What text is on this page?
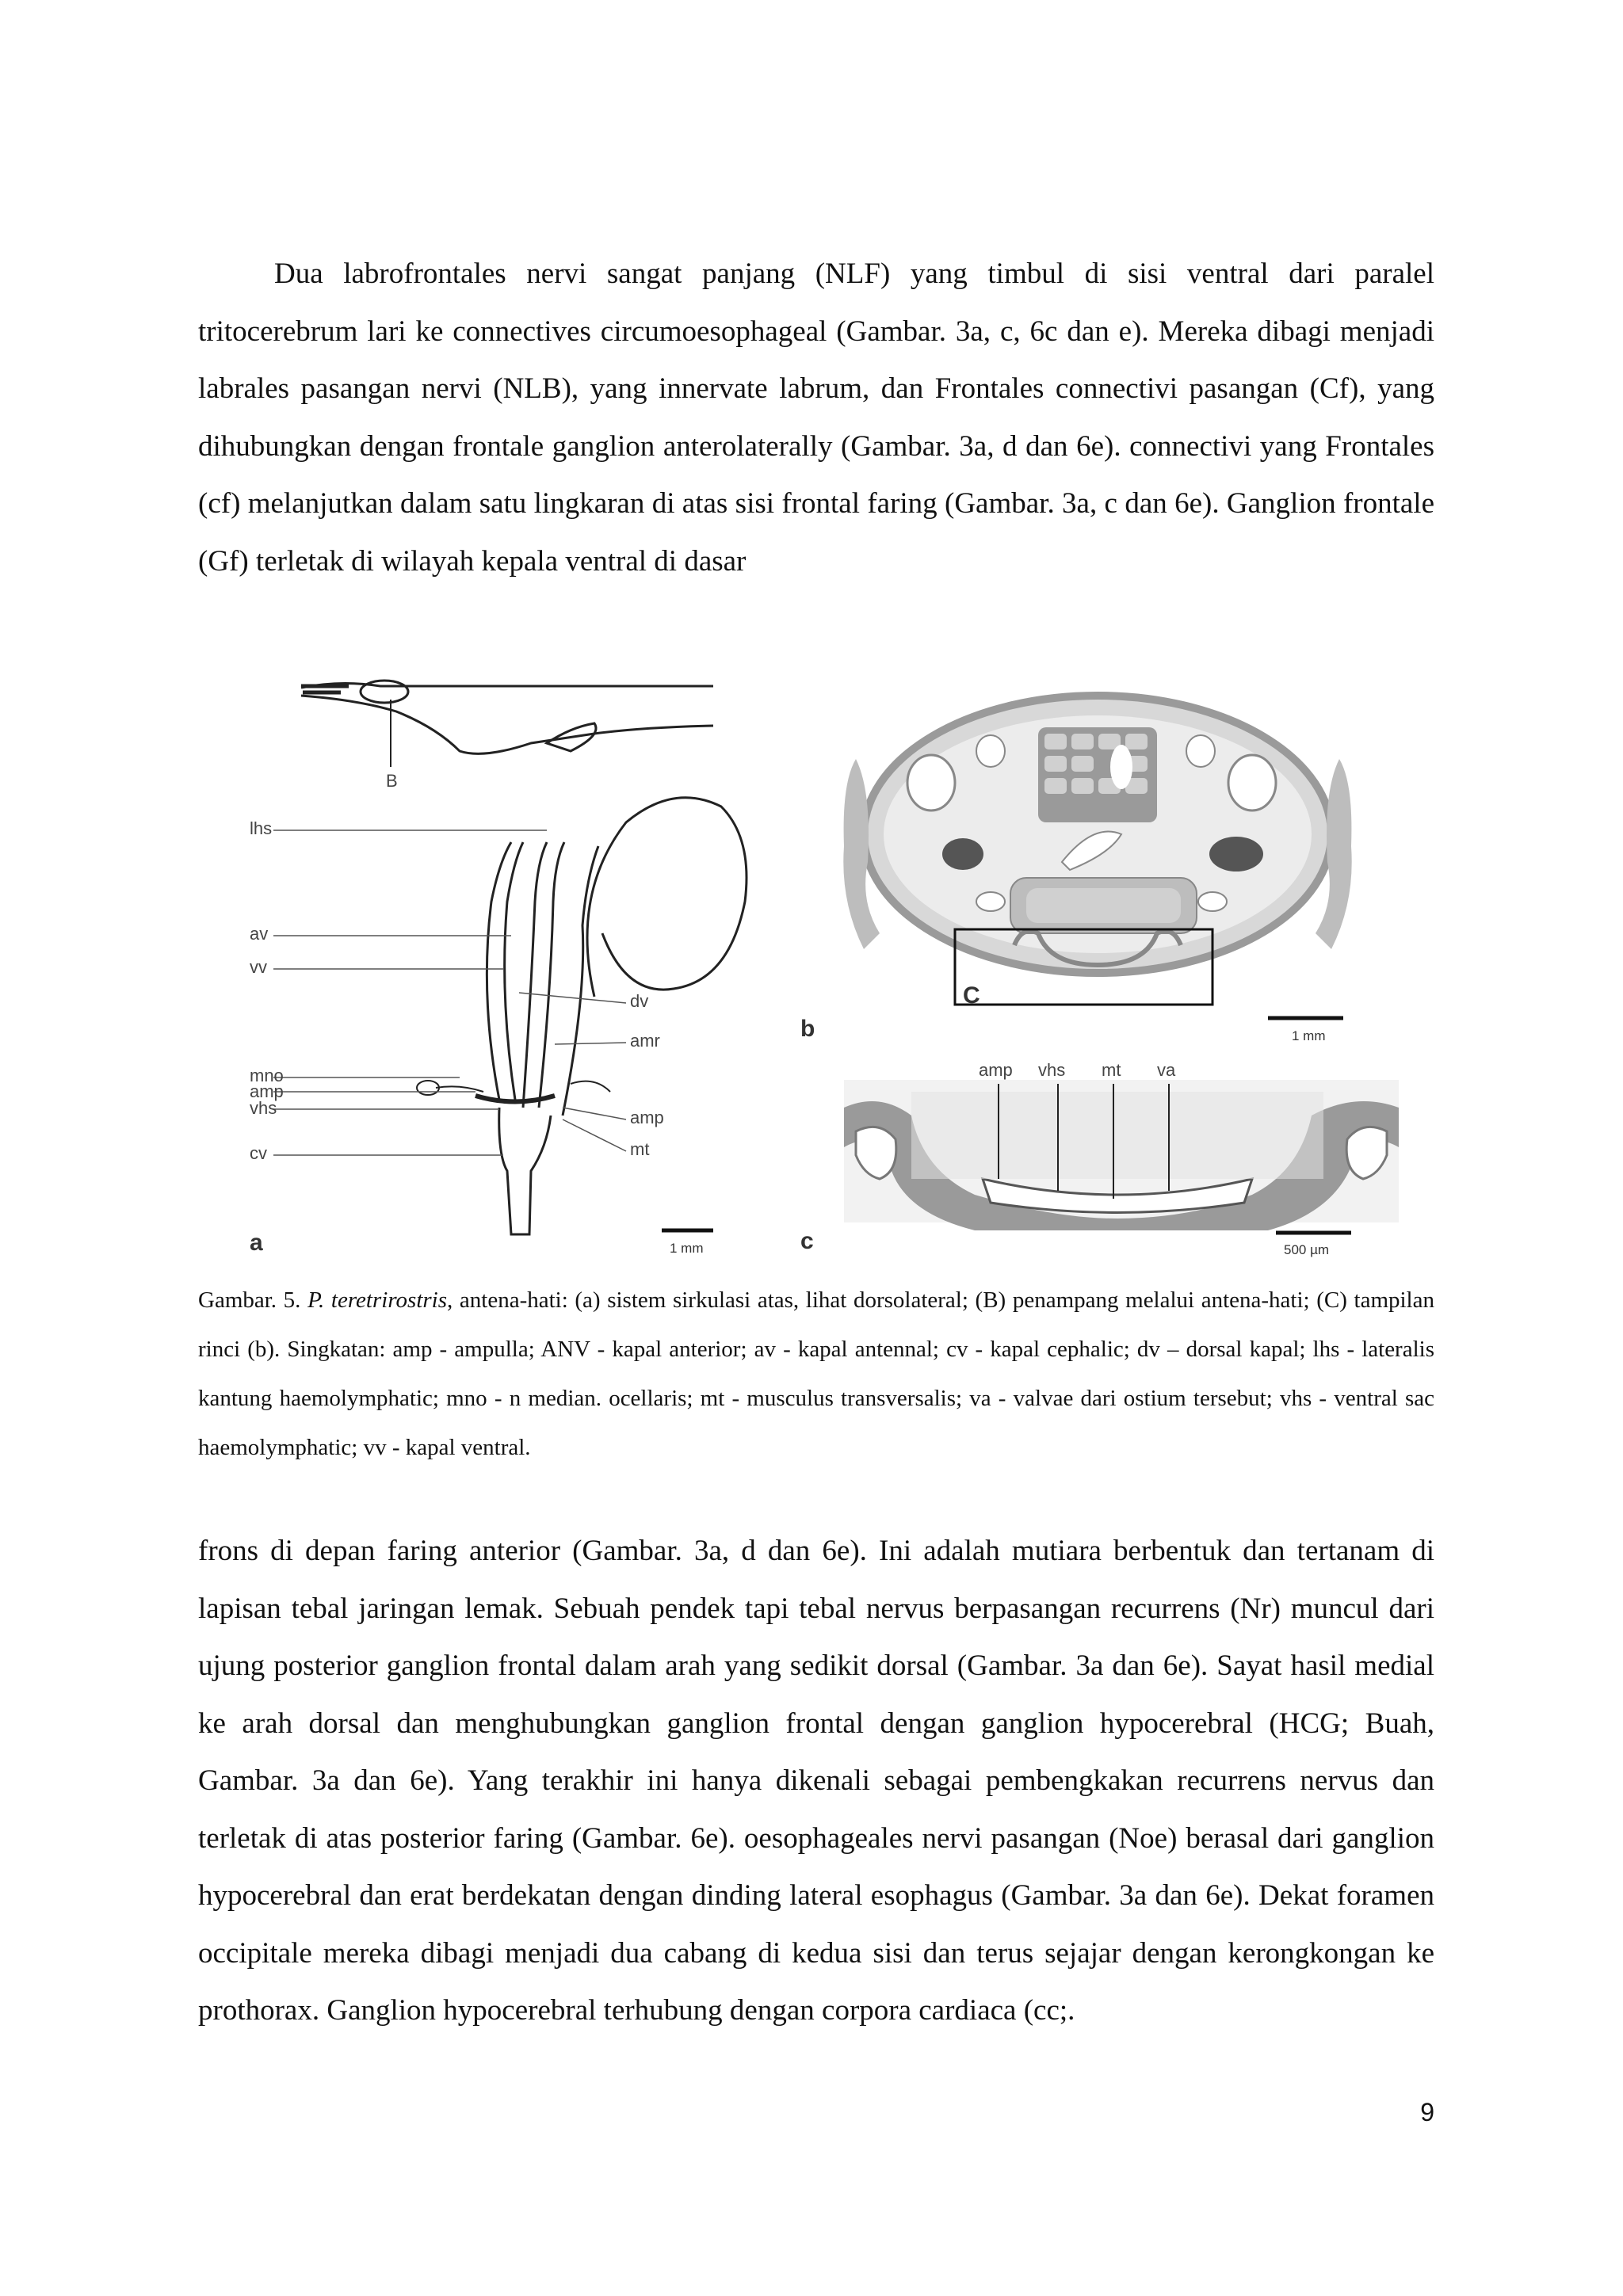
Dua labrofrontales nervi sangat panjang (NLF) yang timbul di sisi ventral dari paralel tritocerebrum lari ke connectives circumoesophageal (Gambar. 3a, c, 6c dan e). Mereka dibagi menjadi labrales pasangan nervi (NLB), yang innervate labrum, dan Frontales connectivi pasangan (Cf), yang dihubungkan dengan frontale ganglion anterolaterally (Gambar. 3a, d dan 6e). connectivi yang Frontales (cf) melanjutkan dalam satu lingkaran di atas sisi frontal faring (Gambar. 3a, c dan 6e). Ganglion frontale (Gf) terletak di wilayah kepala ventral di dasar

B
lhs
av
vv
mno
amp
vhs
cv
dv
amr
amp
mt
1 mm
a
C
1 mm
b
amp vhs mt va
500 µm
c

Gambar. 5. P. teretrirostris, antena-hati: (a) sistem sirkulasi atas, lihat dorsolateral; (B) penampang melalui antena-hati; (C) tampilan rinci (b). Singkatan: amp - ampulla; ANV - kapal anterior; av - kapal antennal; cv - kapal cephalic; dv – dorsal kapal; lhs - lateralis kantung haemolymphatic; mno - n median. ocellaris; mt - musculus transversalis; va - valvae dari ostium tersebut; vhs - ventral sac haemolymphatic; vv - kapal ventral.

frons di depan faring anterior (Gambar. 3a, d dan 6e). Ini adalah mutiara berbentuk dan tertanam di lapisan tebal jaringan lemak. Sebuah pendek tapi tebal nervus berpasangan recurrens (Nr) muncul dari ujung posterior ganglion frontal dalam arah yang sedikit dorsal (Gambar. 3a dan 6e). Sayat hasil medial ke arah dorsal dan menghubungkan ganglion frontal dengan ganglion hypocerebral (HCG; Buah, Gambar. 3a dan 6e). Yang terakhir ini hanya dikenali sebagai pembengkakan recurrens nervus dan terletak di atas posterior faring (Gambar. 6e). oesophageales nervi pasangan (Noe) berasal dari ganglion hypocerebral dan erat berdekatan dengan dinding lateral esophagus (Gambar. 3a dan 6e). Dekat foramen occipitale mereka dibagi menjadi dua cabang di kedua sisi dan terus sejajar dengan kerongkongan ke prothorax. Ganglion hypocerebral terhubung dengan corpora cardiaca (cc;.

9
